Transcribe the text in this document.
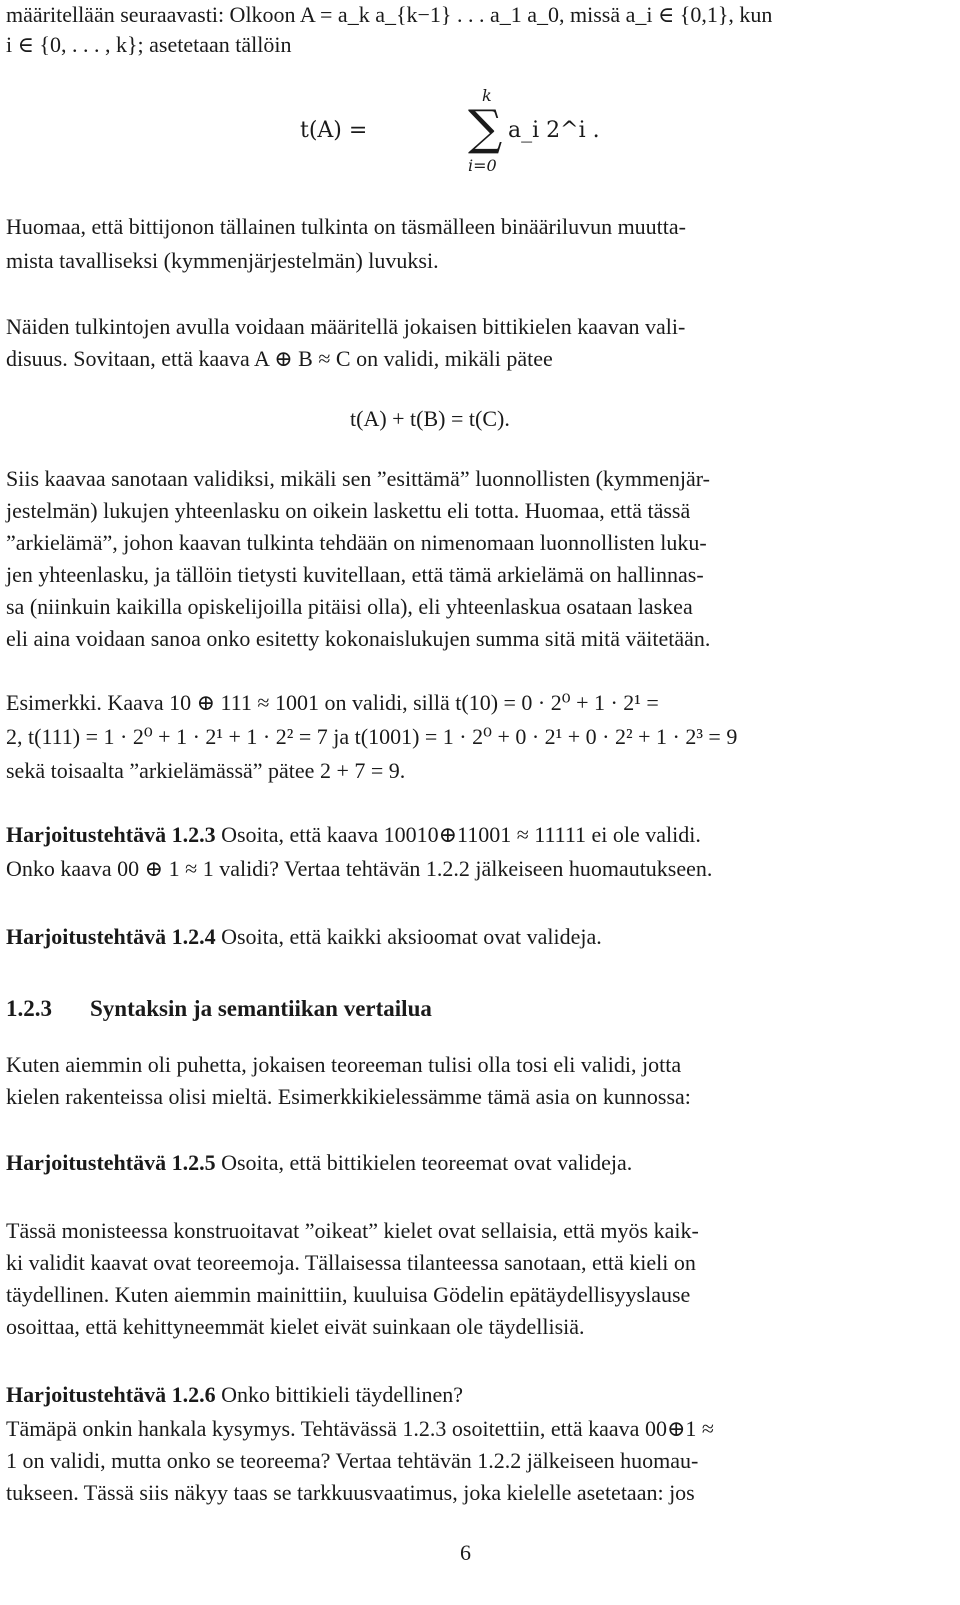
määritellään seuraavasti: Olkoon A = a_k a_{k−1} . . . a_1 a_0, missä a_i ∈ {0,1}, kun
i ∈ {0, . . . , k}; asetetaan tällöin
k
t(A) = ∑ a_i 2^i .
i=0
Huomaa, että bittijonon tällainen tulkinta on täsmälleen binääriluvun muutta-
mista tavalliseksi (kymmenjärjestelmän) luvuksi.
Näiden tulkintojen avulla voidaan määritellä jokaisen bittikielen kaavan vali-
disuus. Sovitaan, että kaava A ⊕ B ≈ C on validi, mikäli pätee
t(A) + t(B) = t(C).
Siis kaavaa sanotaan validiksi, mikäli sen ”esittämä” luonnollisten (kymmenjär-
jestelmän) lukujen yhteenlasku on oikein laskettu eli totta. Huomaa, että tässä
”arkielämä”, johon kaavan tulkinta tehdään on nimenomaan luonnollisten luku-
jen yhteenlasku, ja tällöin tietysti kuvitellaan, että tämä arkielämä on hallinnas-
sa (niinkuin kaikilla opiskelijoilla pitäisi olla), eli yhteenlaskua osataan laskea
eli aina voidaan sanoa onko esitetty kokonaislukujen summa sitä mitä väitetään.
Esimerkki. Kaava 10 ⊕ 111 ≈ 1001 on validi, sillä t(10) = 0 · 2⁰ + 1 · 2¹ =
2, t(111) = 1 · 2⁰ + 1 · 2¹ + 1 · 2² = 7 ja t(1001) = 1 · 2⁰ + 0 · 2¹ + 0 · 2² + 1 · 2³ = 9
sekä toisaalta ”arkielämässä” pätee 2 + 7 = 9.
Harjoitustehtävä 1.2.3 Osoita, että kaava 10010⊕11001 ≈ 11111 ei ole validi.
Onko kaava 00 ⊕ 1 ≈ 1 validi? Vertaa tehtävän 1.2.2 jälkeiseen huomautukseen.
Harjoitustehtävä 1.2.4 Osoita, että kaikki aksioomat ovat valideja.
1.2.3 Syntaksin ja semantiikan vertailua
Kuten aiemmin oli puhetta, jokaisen teoreeman tulisi olla tosi eli validi, jotta
kielen rakenteissa olisi mieltä. Esimerkkikielessämme tämä asia on kunnossa:
Harjoitustehtävä 1.2.5 Osoita, että bittikielen teoreemat ovat valideja.
Tässä monisteessa konstruoitavat ”oikeat” kielet ovat sellaisia, että myös kaik-
ki validit kaavat ovat teoreemoja. Tällaisessa tilanteessa sanotaan, että kieli on
täydellinen. Kuten aiemmin mainittiin, kuuluisa Gödelin epätäydellisyyslause
osoittaa, että kehittyneemmät kielet eivät suinkaan ole täydellisiä.
Harjoitustehtävä 1.2.6 Onko bittikieli täydellinen?
Tämäpä onkin hankala kysymys. Tehtävässä 1.2.3 osoitettiin, että kaava 00⊕1 ≈
1 on validi, mutta onko se teoreema? Vertaa tehtävän 1.2.2 jälkeiseen huomau-
tukseen. Tässä siis näkyy taas se tarkkuusvaatimus, joka kielelle asetetaan: jos
6
